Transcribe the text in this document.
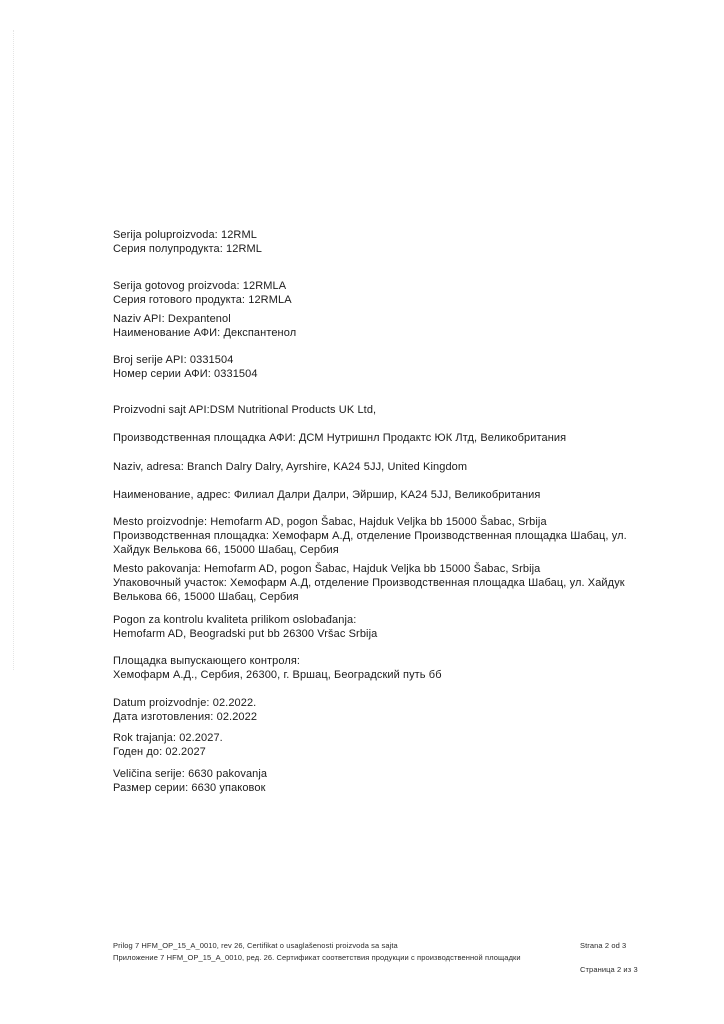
Serija poluproizvoda: 12RML
Серия полупродукта: 12RML
Serija gotovog proizvoda: 12RMLA
Серия готового продукта: 12RMLA
Naziv API: Dexpantenol
Наименование АФИ: Декспантенол
Broj serije API: 0331504
Номер серии АФИ: 0331504
Proizvodni sajt API:DSM Nutritional Products UK Ltd,
Производственная площадка АФИ: ДСМ Нутришнл Продактс ЮК Лтд, Великобритания
Naziv, adresa: Branch Dalry Dalry, Ayrshire, KA24 5JJ, United Kingdom
Наименование, адрес: Филиал Далри Далри, Эйршир, KA24 5JJ, Великобритания
Mesto proizvodnje: Hemofarm AD, pogon Šabac, Hajduk Veljka bb 15000 Šabac, Srbija
Производственная площадка: Хемофарм А.Д, отделение Производственная площадка Шабац, ул.
Хайдук Велькова 66, 15000 Шабац, Сербия
Mesto pakovanja: Hemofarm AD, pogon Šabac, Hajduk Veljka bb 15000 Šabac, Srbija
Упаковочный участок: Хемофарм А.Д, отделение Производственная площадка Шабац, ул. Хайдук
Велькова 66, 15000 Шабац, Сербия
Pogon za kontrolu kvaliteta prilikom oslobađanja:
Hemofarm AD, Beogradski put bb 26300 Vršac Srbija
Площадка выпускающего контроля:
Хемофарм А.Д., Сербия, 26300, г. Вршац, Београдский путь бб
Datum proizvodnje: 02.2022.
Дата изготовления: 02.2022
Rok trajanja: 02.2027.
Годен до: 02.2027
Veličina serije: 6630 pakovanja
Размер серии: 6630 упаковок
Prilog 7 HFM_OP_15_A_0010, rev 26, Certifikat o usaglašenosti proizvoda sa sajta	Strana 2 od 3
Приложение 7 HFM_OP_15_A_0010, ред. 26. Сертификат соответствия продукции с производственной площадки
Страница 2 из 3
